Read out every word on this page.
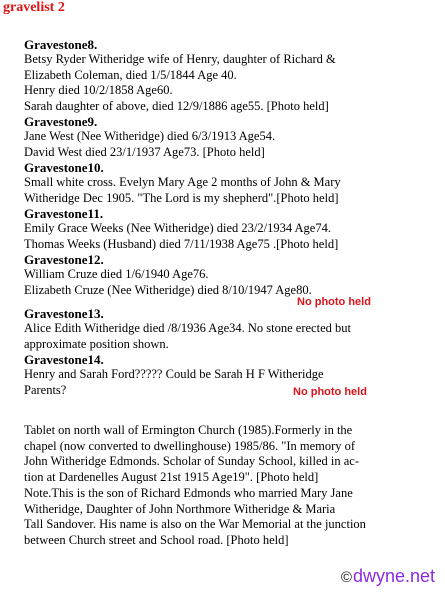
gravelist 2
Gravestone8.
Betsy Ryder Witheridge wife of Henry, daughter of Richard &
Elizabeth Coleman, died 1/5/1844 Age 40.
Henry died 10/2/1858 Age60.
Sarah daughter of above, died 12/9/1886 age55. [Photo held]
Gravestone9.
Jane West (Nee Witheridge) died 6/3/1913 Age54.
David West died 23/1/1937 Age73. [Photo held]
Gravestone10.
Small white cross. Evelyn Mary Age 2 months of John & Mary
Witheridge Dec 1905. "The Lord is my shepherd".[Photo held]
Gravestone11.
Emily Grace Weeks (Nee Witheridge) died 23/2/1934 Age74.
Thomas Weeks (Husband) died 7/11/1938 Age75 .[Photo held]
Gravestone12.
William Cruze died 1/6/1940 Age76.
Elizabeth Cruze (Nee Witheridge) died 8/10/1947 Age80.
Gravestone13.
Alice Edith Witheridge died /8/1936 Age34. No stone erected but
approximate position shown.
Gravestone14.
Henry and Sarah Ford????? Could be Sarah H F Witheridge
Parents?
No photo held
No photo held
Tablet on north wall of Ermington Church (1985).Formerly in the
chapel (now converted to dwellinghouse) 1985/86. "In memory of
John Witheridge Edmonds. Scholar of Sunday School, killed in ac-
tion at Dardenelles August 21st 1915 Age19". [Photo held]
Note.This is the son of Richard Edmonds who married Mary Jane
Witheridge, Daughter of John Northmore Witheridge & Maria
Tall Sandover. His name is also on the War Memorial at the junction
between Church street and School road. [Photo held]
©dwyne.net
